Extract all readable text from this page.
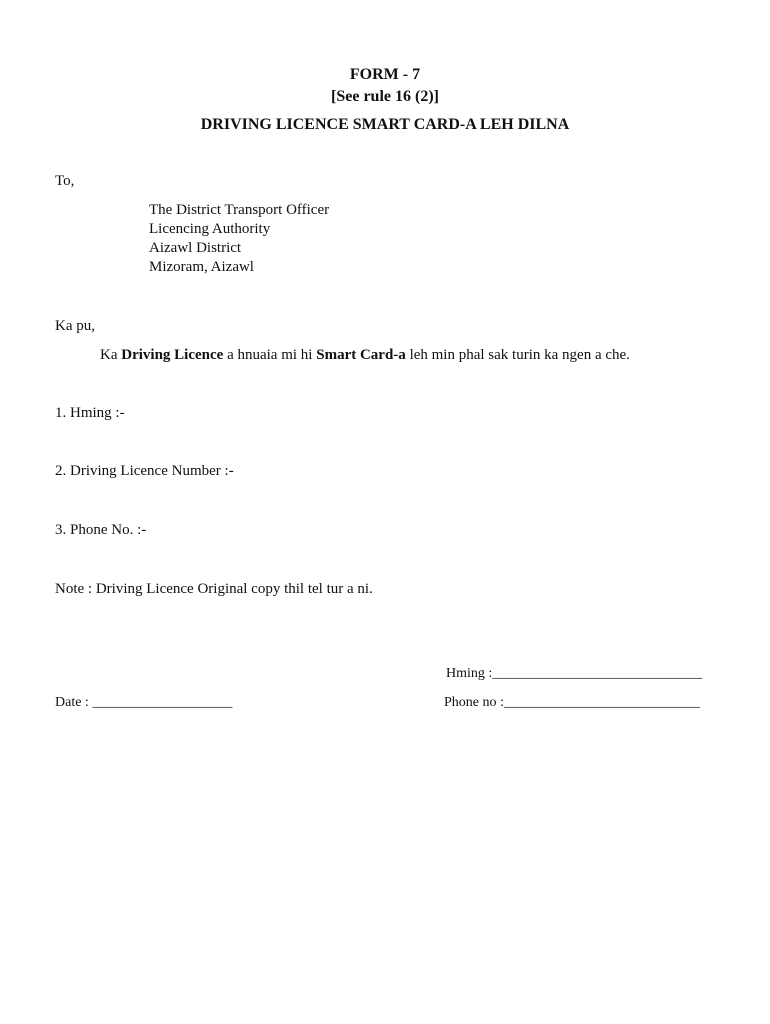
FORM - 7
[See rule 16 (2)]
DRIVING LICENCE SMART CARD-A LEH DILNA
To,
The District Transport Officer
Licencing Authority
Aizawl District
Mizoram, Aizawl
Ka pu,
Ka Driving Licence a hnuaia mi hi Smart Card-a leh min phal sak turin ka ngen a che.
1. Hming :-
2. Driving Licence Number :-
3. Phone No. :-
Note : Driving Licence Original copy thil tel tur a ni.
Hming :______________________________
Date : ____________________	Phone no :____________________________
